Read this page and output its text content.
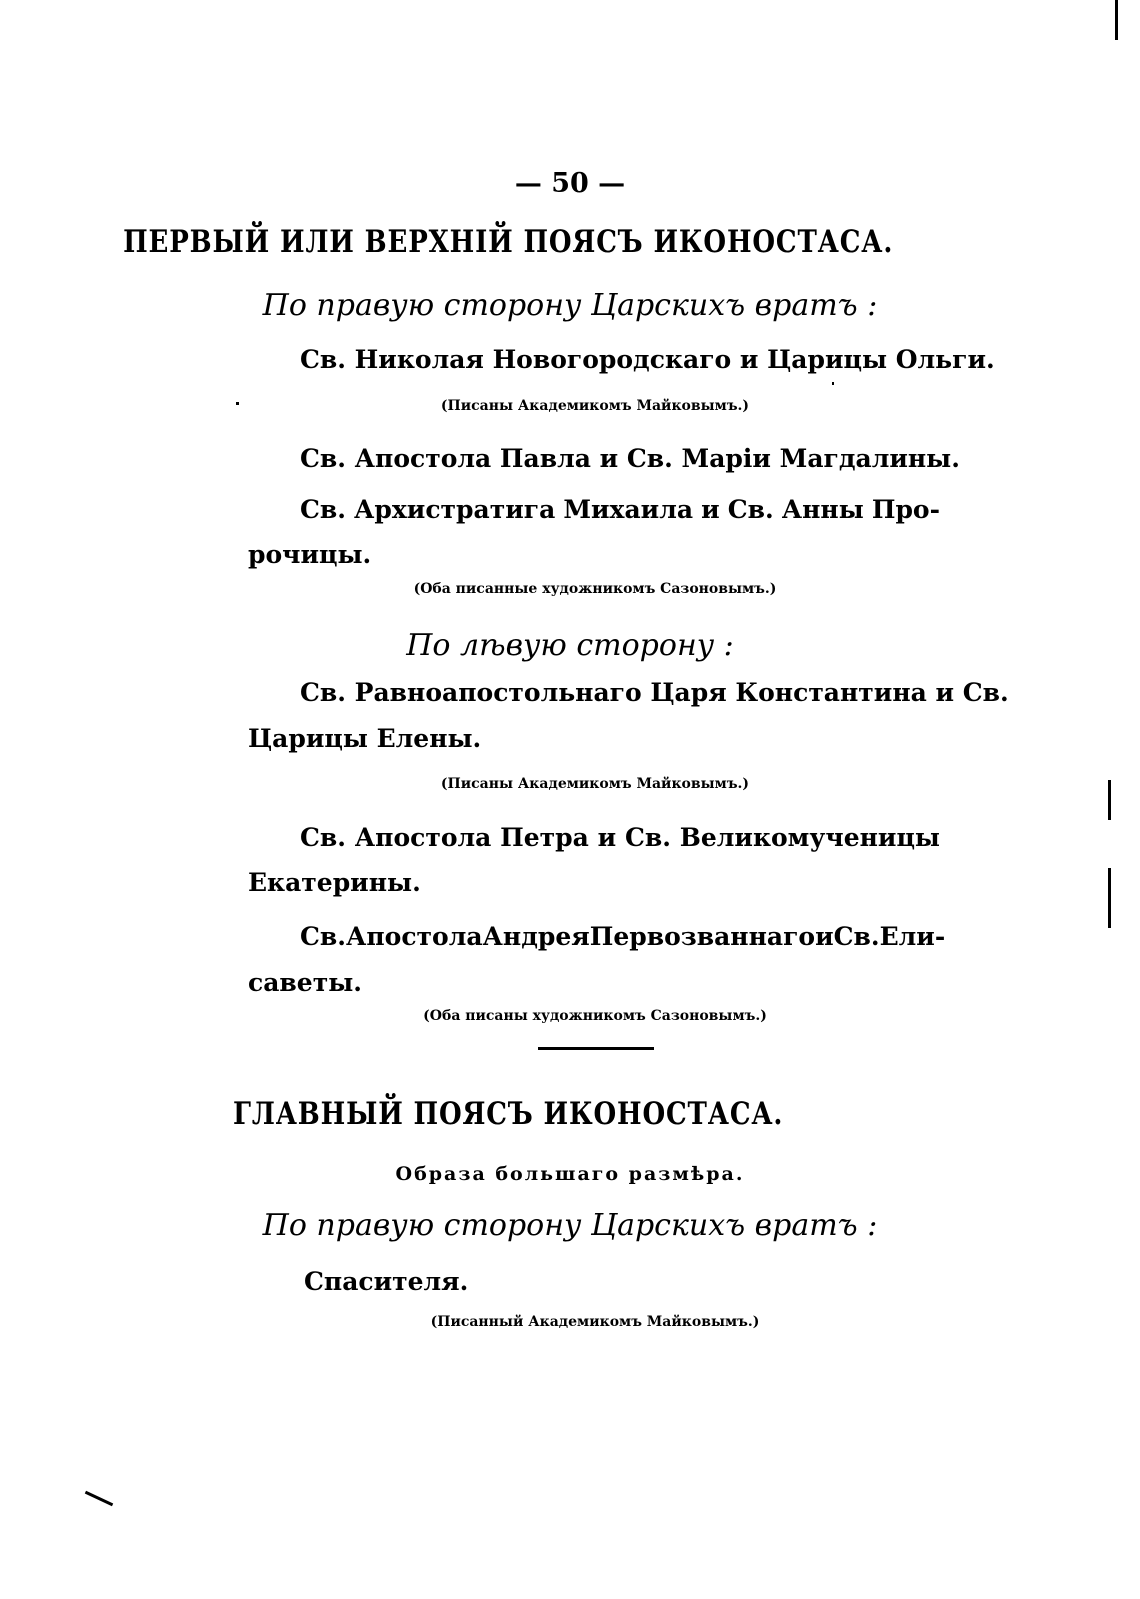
— 50 —
ПЕРВЫЙ ИЛИ ВЕРХНІЙ ПОЯСЪ ИКОНОСТАСА.
По правую сторону Царскихъ вратъ :
Св. Николая Новогородскаго и Царицы Ольги.
(Писаны Академикомъ Майковымъ.)
Св. Апостола Павла и Св. Маріи Магдалины.
Св. Архистратига Михаила и Св. Анны Про-
рочицы.
(Оба писанные художникомъ Сазоновымъ.)
По лѣвую сторону :
Св. Равноапостольнаго Царя Константина и Св.
Царицы Елены.
(Писаны Академикомъ Майковымъ.)
Св. Апостола Петра и Св. Великомученицы
Екатерины.
Св. Апостола Андрея Первозваннаго и Св. Ели-
саветы.
(Оба писаны художникомъ Сазоновымъ.)
ГЛАВНЫЙ ПОЯСЪ ИКОНОСТАСА.
Образа большаго размѣра.
По правую сторону Царскихъ вратъ :
Спасителя.
(Писанный Академикомъ Майковымъ.)
